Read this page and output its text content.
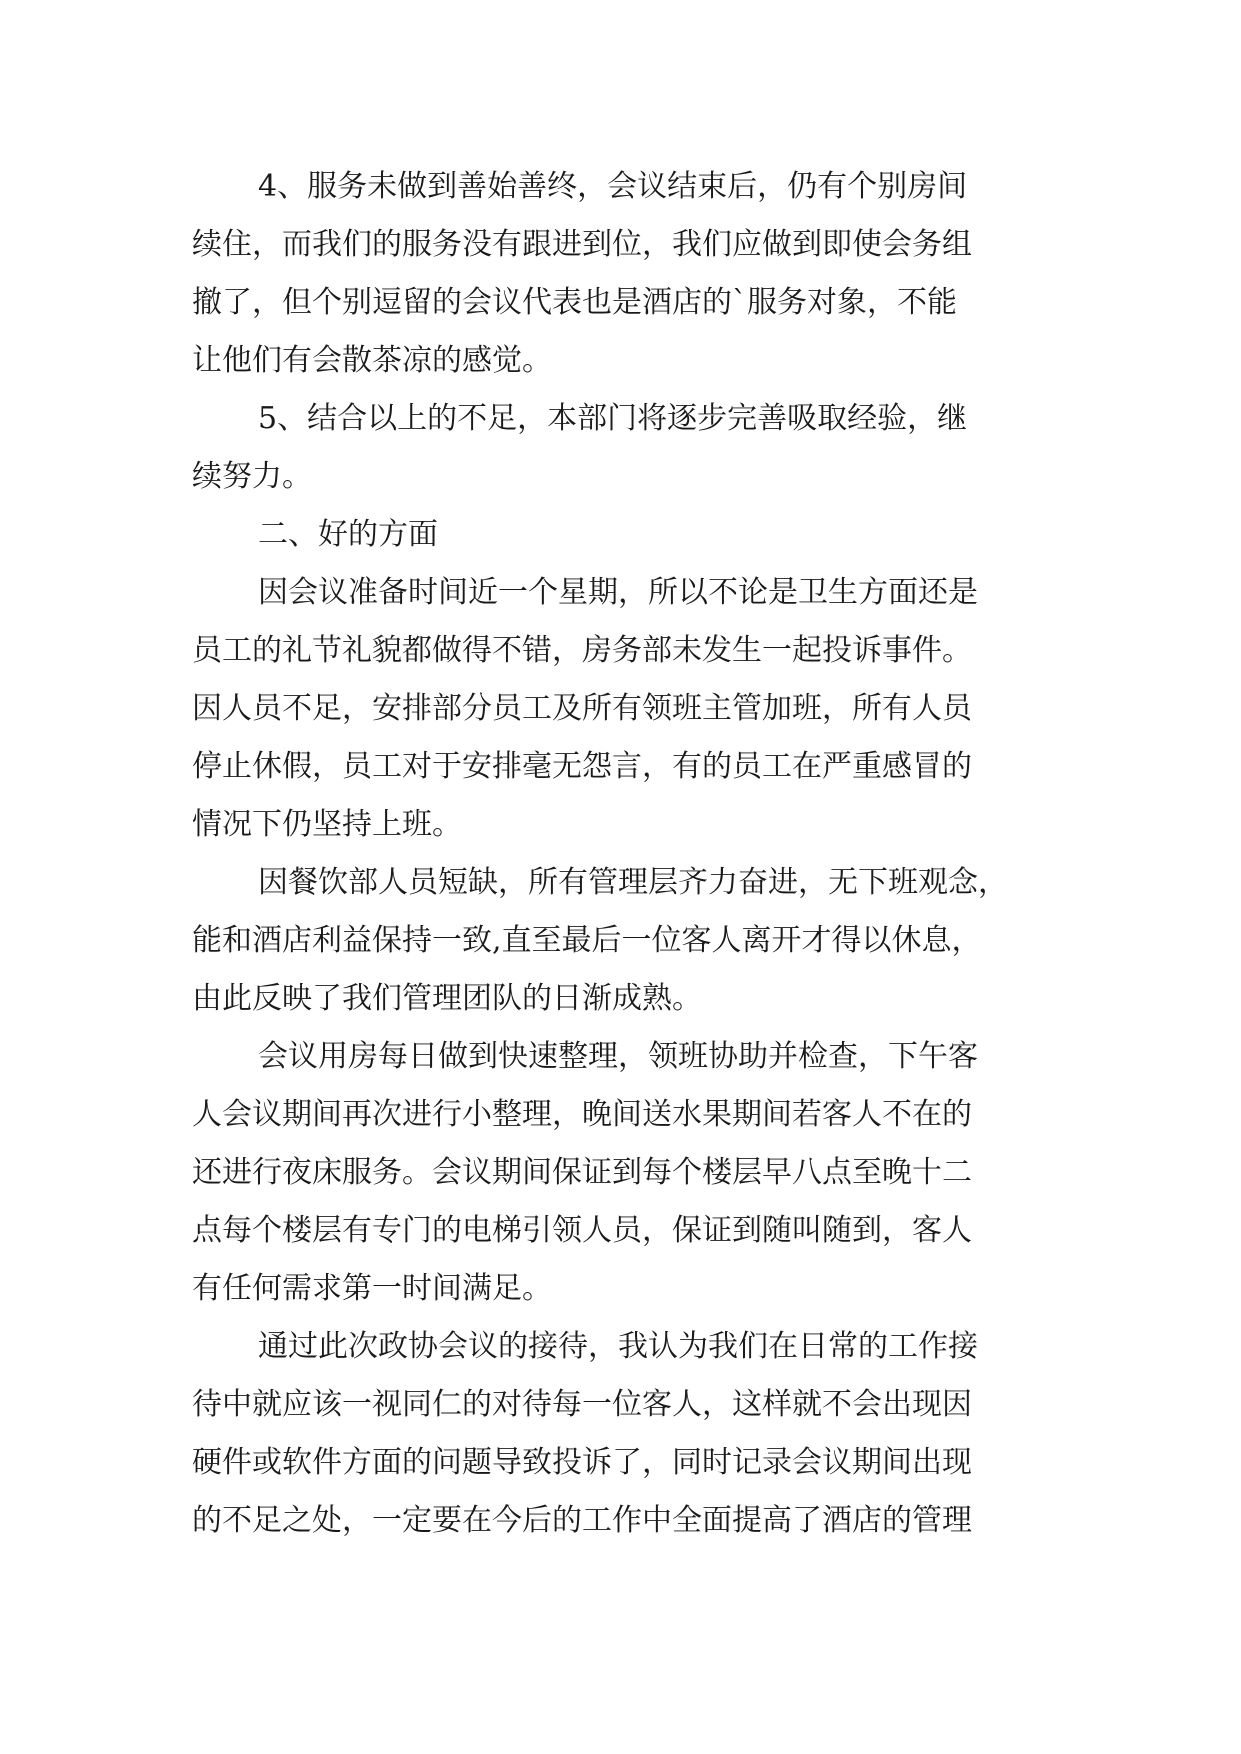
4、服务未做到善始善终，会议结束后，仍有个别房间
续住，而我们的服务没有跟进到位，我们应做到即使会务组
撤了，但个别逗留的会议代表也是酒店的`服务对象，不能
让他们有会散茶凉的感觉。

5、结合以上的不足，本部门将逐步完善吸取经验，继
续努力。

二、好的方面

因会议准备时间近一个星期，所以不论是卫生方面还是
员工的礼节礼貌都做得不错，房务部未发生一起投诉事件。
因人员不足，安排部分员工及所有领班主管加班，所有人员
停止休假，员工对于安排毫无怨言，有的员工在严重感冒的
情况下仍坚持上班。

因餐饮部人员短缺，所有管理层齐力奋进，无下班观念，
能和酒店利益保持一致,直至最后一位客人离开才得以休息，
由此反映了我们管理团队的日渐成熟。

会议用房每日做到快速整理，领班协助并检查，下午客
人会议期间再次进行小整理，晚间送水果期间若客人不在的
还进行夜床服务。会议期间保证到每个楼层早八点至晚十二
点每个楼层有专门的电梯引领人员，保证到随叫随到，客人
有任何需求第一时间满足。

通过此次政协会议的接待，我认为我们在日常的工作接
待中就应该一视同仁的对待每一位客人，这样就不会出现因
硬件或软件方面的问题导致投诉了，同时记录会议期间出现
的不足之处，一定要在今后的工作中全面提高了酒店的管理
